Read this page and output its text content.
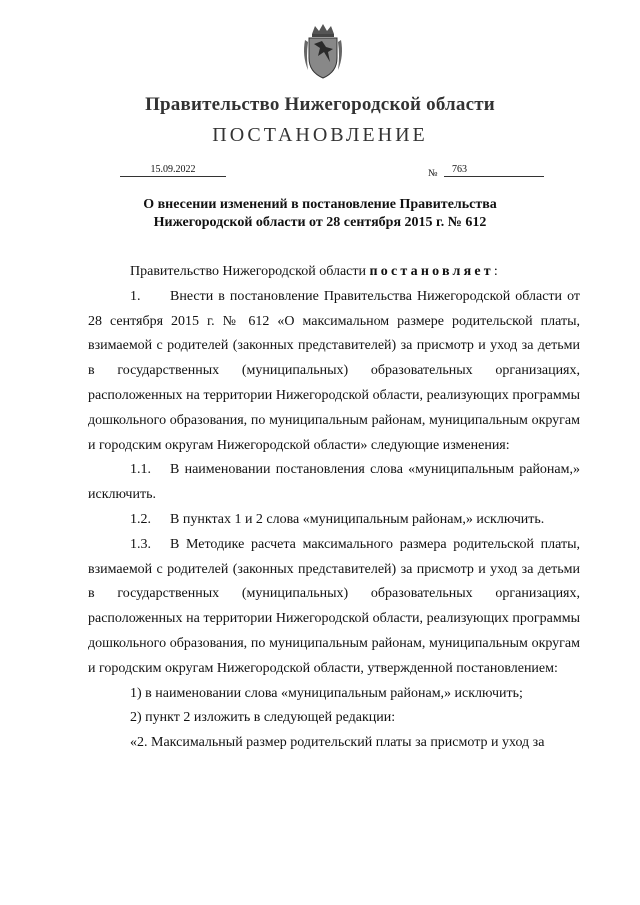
Правительство Нижегородской области
ПОСТАНОВЛЕНИЕ
15.09.2022	№	763
О внесении изменений в постановление Правительства
Нижегородской области от 28 сентября 2015 г. № 612

Правительство Нижегородской области постановляет:

1. Внести в постановление Правительства Нижегородской области от 28 сентября 2015 г. № 612 «О максимальном размере родительской платы, взимаемой с родителей (законных представителей) за присмотр и уход за детьми в государственных (муниципальных) образовательных организациях, расположенных на территории Нижегородской области, реализующих программы дошкольного образования, по муниципальным районам, муниципальным округам и городским округам Нижегородской области» следующие изменения:

1.1. В наименовании постановления слова «муниципальным районам,» исключить.

1.2. В пунктах 1 и 2 слова «муниципальным районам,» исключить.

1.3. В Методике расчета максимального размера родительской платы, взимаемой с родителей (законных представителей) за присмотр и уход за детьми в государственных (муниципальных) образовательных организациях, расположенных на территории Нижегородской области, реализующих программы дошкольного образования, по муниципальным районам, муниципальным округам и городским округам Нижегородской области, утвержденной постановлением:

1) в наименовании слова «муниципальным районам,» исключить;

2) пункт 2 изложить в следующей редакции:

«2. Максимальный размер родительский платы за присмотр и уход за
